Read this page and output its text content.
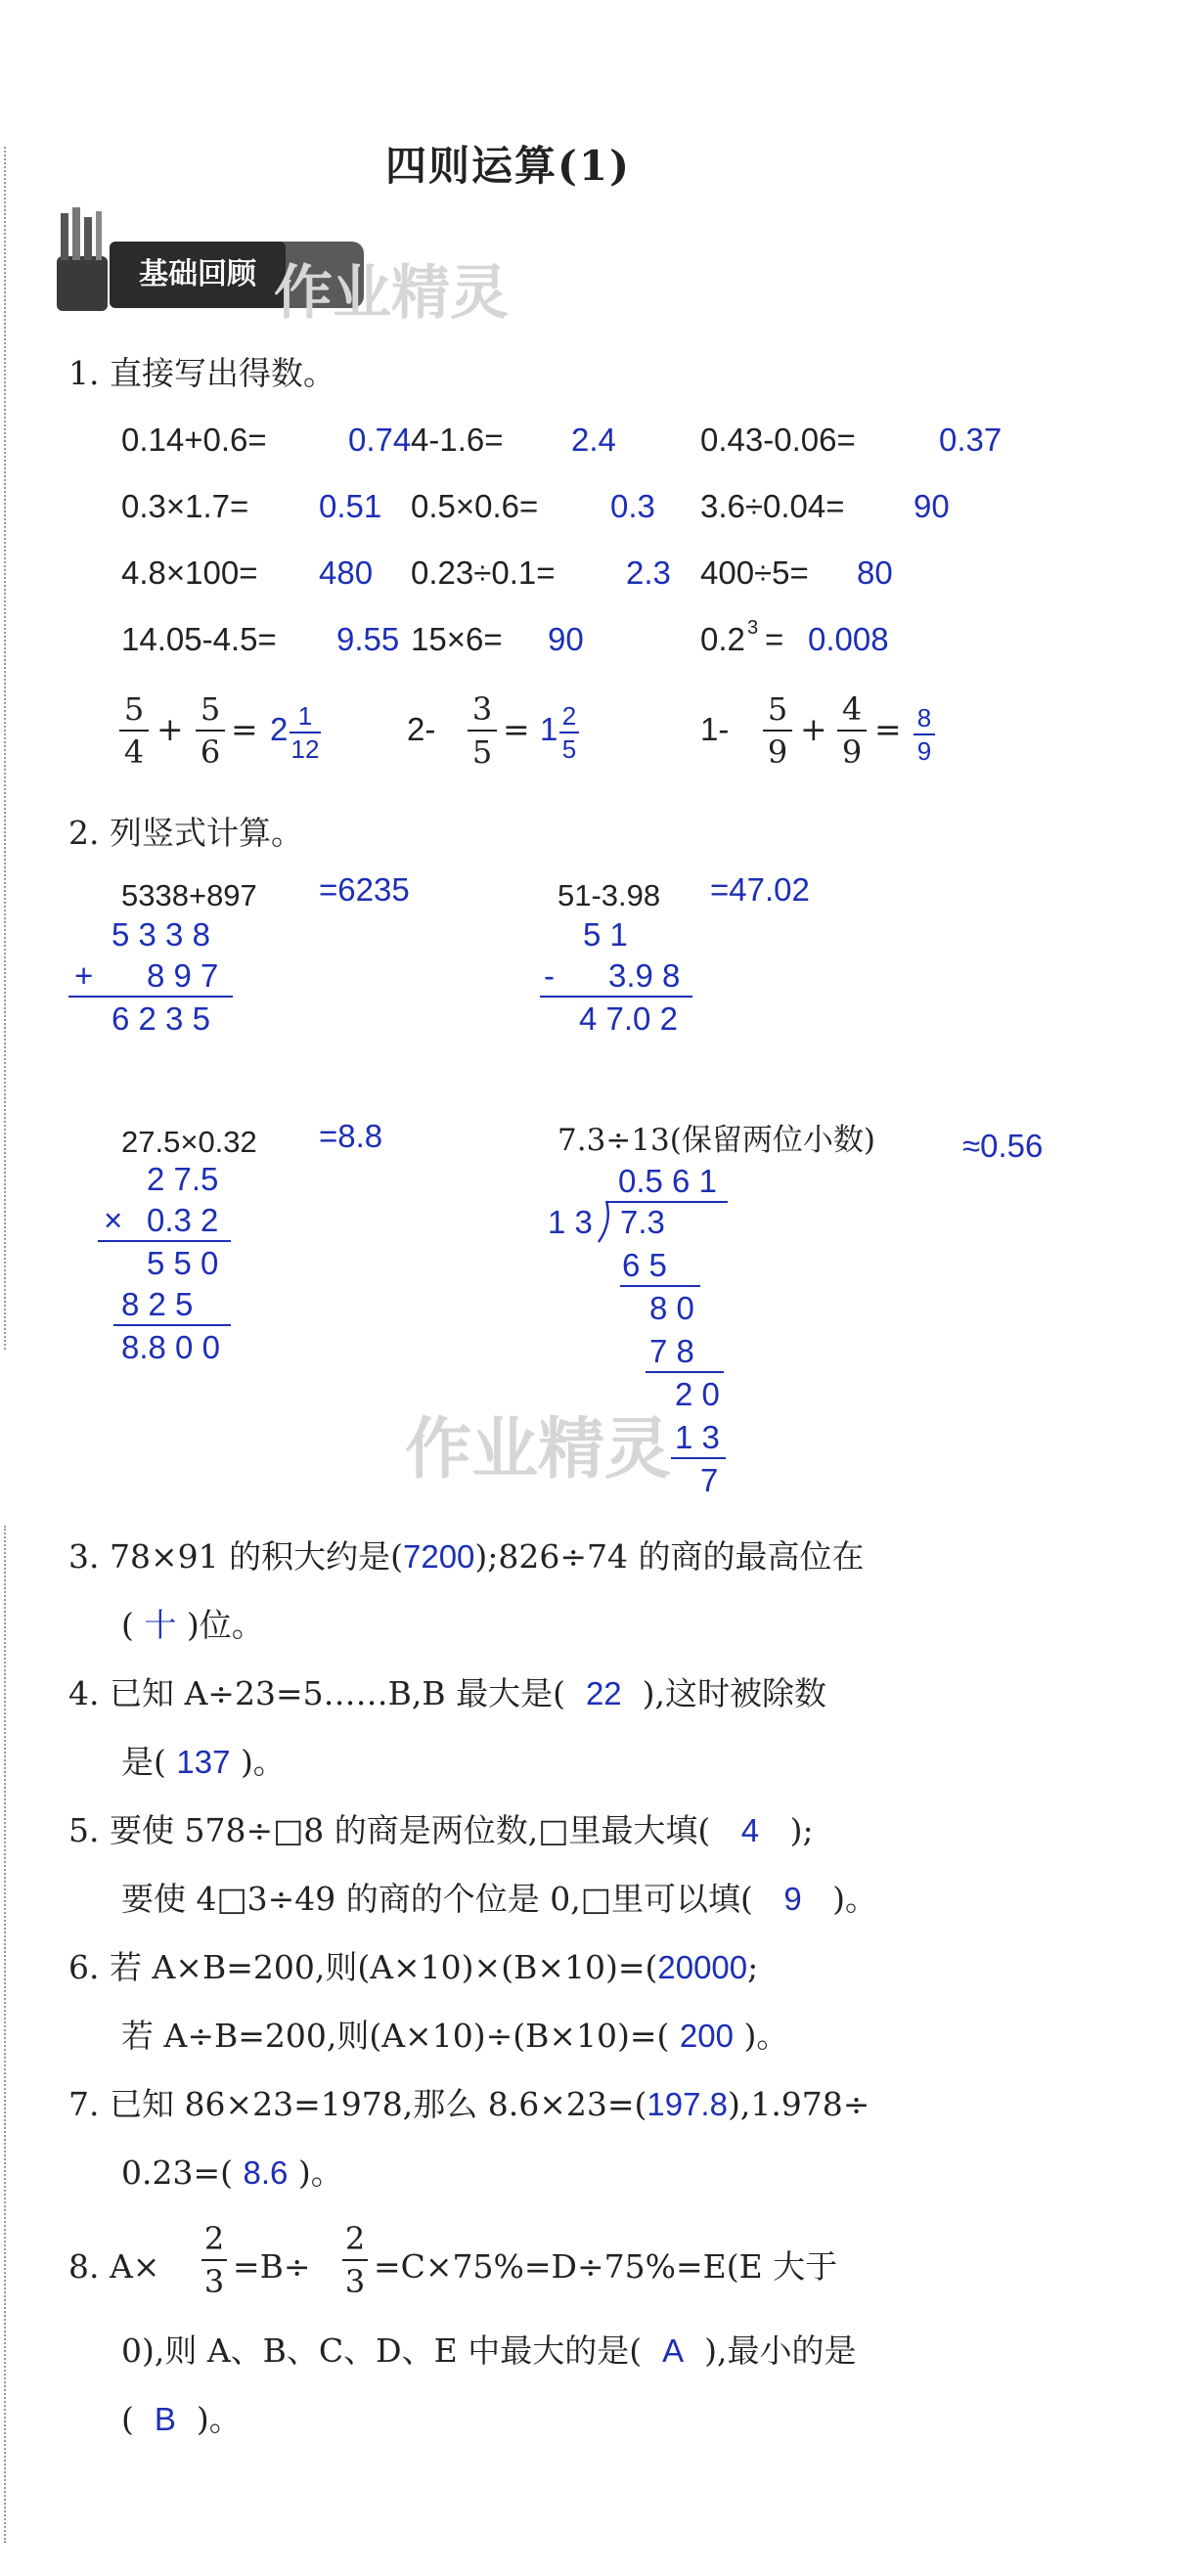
四则运算(1)
基础回顾 作业精灵
1. 直接写出得数。
0.14+0.6=	0.74 4-1.6= 2.4	0.43-0.06=	0.37
0.3×1.7= 0.51 0.5×0.6= 0.3 3.6÷0.04= 90
4.8×100= 480 0.23÷0.1= 2.3 400÷5= 80
14.05-4.5= 9.55 15×6= 90	0.2 3 = 0.008
5
4
+
5
6
= 2 1
12
2-
3
5
= 1 2
5
1-
5
9
+
4
9
= 8
9
2. 列竖式计算。
5338+897 =6235
5 3 3 8
+ 8 9 7
6 2 3 5
51-3.98 =47.02
5 1
- 3.9 8
4 7.0 2
27.5×0.32 =8.8
2 7.5
× 0.3 2
5 5 0
8 2 5
8.8 0 0
7.3÷13(保留两位小数)	≈0.56
0.5 6 1
1 3 7.3
6 5
8 0
7 8
2 0
1 3
7
作业精灵
3. 78×91 的积大约是(7200);826÷74 的商的最高位在
( 十 )位。
4. 已知 A÷23=5……B,B 最大是( 22 ),这时被除数
是( 137 )。
5. 要使 578÷□8 的商是两位数,□里最大填( 4 );
要使 4□3÷49 的商的个位是 0,□里可以填( 9 )。
6. 若 A×B=200,则(A×10)×(B×10)=(20000;
若 A÷B=200,则(A×10)÷(B×10)=( 200 )。
7. 已知 86×23=1978,那么 8.6×23=(197.8),1.978÷
0.23=( 8.6 )。
8. A×
2
3 =B÷
2
3 =C×75%=D÷75%=E(E 大于
0),则 A、B、C、D、E 中最大的是( A ),最小的是
( B )。
